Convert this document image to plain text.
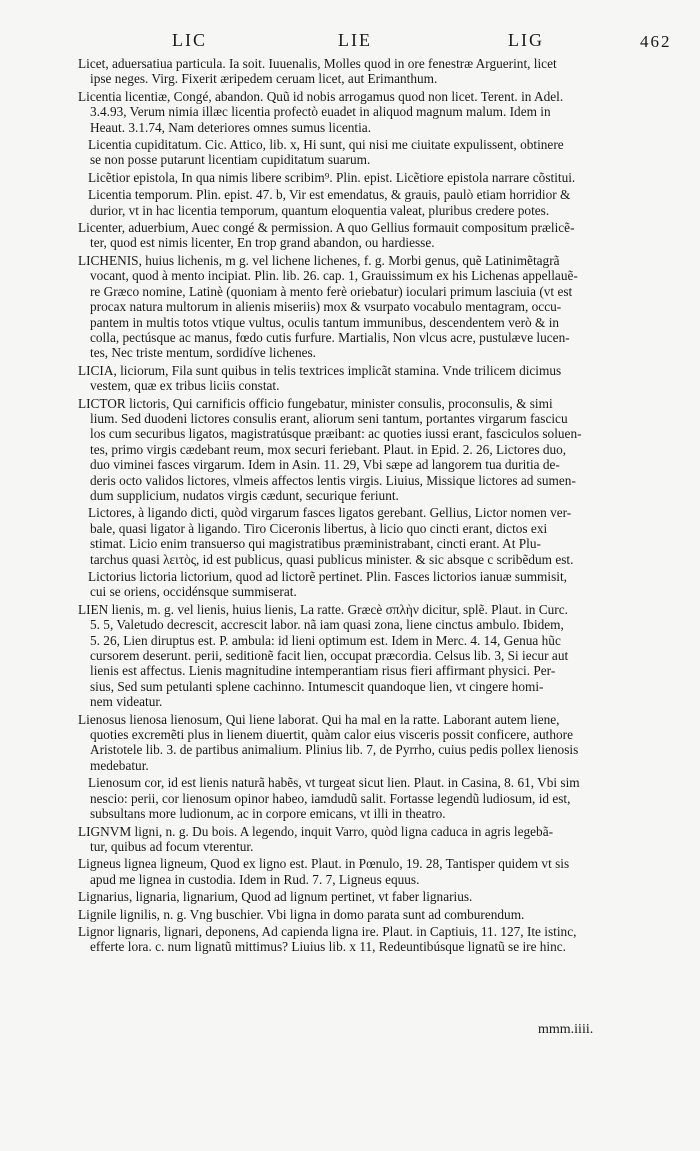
LIC	LIE	LIG	462
Licet, aduersatiua particula. Ia soit. Iuuenalis, Molles quod in ore fenestræ Arguerint, licet
ipse neges. Virg. Fixerit æripedem ceruam licet, aut Erimanthum.
Licentia licentiæ, Congé, abandon. Quũ id nobis arrogamus quod non licet. Terent. in Adel.
3.4.93, Verum nimia illæc licentia profectò euadet in aliquod magnum malum. Idem in
Heaut. 3.1.74, Nam deteriores omnes sumus licentia.
Licentia cupiditatum. Cic. Attico, lib. x, Hi sunt, qui nisi me ciuitate expulissent, obtinere
se non posse putarunt licentiam cupiditatum suarum.
Licẽtior epistola, In qua nimis libere scribim⁹. Plin. epist. Licẽtiore epistola narrare cõstitui.
Licentia temporum. Plin. epist. 47. b, Vir est emendatus, & grauis, paulò etiam horridior &
durior, vt in hac licentia temporum, quantum eloquentia valeat, pluribus credere potes.
Licenter, aduerbium, Auec congé & permission. A quo Gellius formauit compositum prælicẽ-
ter, quod est nimis licenter, En trop grand abandon, ou hardiesse.
LICHENIS, huius lichenis, m g. vel lichene lichenes, f. g. Morbi genus, quẽ Latinimẽtagrã
vocant, quod à mento incipiat. Plin. lib. 26. cap. 1, Grauissimum ex his Lichenas appellauẽ-
re Græco nomine, Latinè (quoniam à mento ferè oriebatur) ioculari primum lasciuia (vt est
procax natura multorum in alienis miseriis) mox & vsurpato vocabulo mentagram, occu-
pantem in multis totos vtique vultus, oculis tantum immunibus, descendentem verò & in
colla, pectúsque ac manus, fœdo cutis furfure. Martialis, Non vlcus acre, pustulæve lucen-
tes, Nec triste mentum, sordidíve lichenes.
LICIA, liciorum, Fila sunt quibus in telis textrices implicãt stamina. Vnde trilicem dicimus
vestem, quæ ex tribus liciis constat.
LICTOR lictoris, Qui carnificis officio fungebatur, minister consulis, proconsulis, & simi
lium. Sed duodeni lictores consulis erant, aliorum seni tantum, portantes virgarum fascicu
los cum securibus ligatos, magistratúsque præibant: ac quoties iussi erant, fasciculos soluen-
tes, primo virgis cædebant reum, mox securi feriebant. Plaut. in Epid. 2. 26, Lictores duo,
duo viminei fasces virgarum. Idem in Asin. 11. 29, Vbi sæpe ad langorem tua duritia de-
deris octo validos lictores, vlmeis affectos lentis virgis. Liuius, Missique lictores ad sumen-
dum supplicium, nudatos virgis cædunt, securique feriunt.
Lictores, à ligando dicti, quòd virgarum fasces ligatos gerebant. Gellius, Lictor nomen ver-
bale, quasi ligator à ligando. Tiro Ciceronis libertus, à licio quo cincti erant, dictos exi
stimat. Licio enim transuerso qui magistratibus præministrabant, cincti erant. At Plu-
tarchus quasi λειτὸς, id est publicus, quasi publicus minister. & sic absque c scribẽdum est.
Lictorius lictoria lictorium, quod ad lictorẽ pertinet. Plin. Fasces lictorios ianuæ summisit,
cui se oriens, occidénsque summiserat.
LIEN lienis, m. g. vel lienis, huius lienis, La ratte. Græcè σπλὴν dicitur, splẽ. Plaut. in Curc.
5. 5, Valetudo decrescit, accrescit labor. nã iam quasi zona, liene cinctus ambulo. Ibidem,
5. 26, Lien diruptus est. P. ambula: id lieni optimum est. Idem in Merc. 4. 14, Genua hũc
cursorem deserunt. perii, seditionẽ facit lien, occupat præcordia. Celsus lib. 3, Si iecur aut
lienis est affectus. Lienis magnitudine intemperantiam risus fieri affirmant physici. Per-
sius, Sed sum petulanti splene cachinno. Intumescit quandoque lien, vt cingere homi-
nem videatur.
Lienosus lienosa lienosum, Qui liene laborat. Qui ha mal en la ratte. Laborant autem liene,
quoties excremẽti plus in lienem diuertit, quàm calor eius visceris possit conficere, authore
Aristotele lib. 3. de partibus animalium. Plinius lib. 7, de Pyrrho, cuius pedis pollex lienosis
medebatur.
Lienosum cor, id est lienis naturã habẽs, vt turgeat sicut lien. Plaut. in Casina, 8. 61, Vbi sim
nescio: perii, cor lienosum opinor habeo, iamdudũ salit. Fortasse legendũ ludiosum, id est,
subsultans more ludionum, ac in corpore emicans, vt illi in theatro.
LIGNVM ligni, n. g. Du bois. A legendo, inquit Varro, quòd ligna caduca in agris legebã-
tur, quibus ad focum vterentur.
Ligneus lignea ligneum, Quod ex ligno est. Plaut. in Pœnulo, 19. 28, Tantisper quidem vt sis
apud me lignea in custodia. Idem in Rud. 7. 7, Ligneus equus.
Lignarius, lignaria, lignarium, Quod ad lignum pertinet, vt faber lignarius.
Lignile lignilis, n. g. Vng buschier. Vbi ligna in domo parata sunt ad comburendum.
Lignor lignaris, lignari, deponens, Ad capienda ligna ire. Plaut. in Captiuis, 11. 127, Ite istinc,
efferte lora. c. num lignatũ mittimus? Liuius lib. x 11, Redeuntibúsque lignatũ se ire hinc.
mmm.iiii.
